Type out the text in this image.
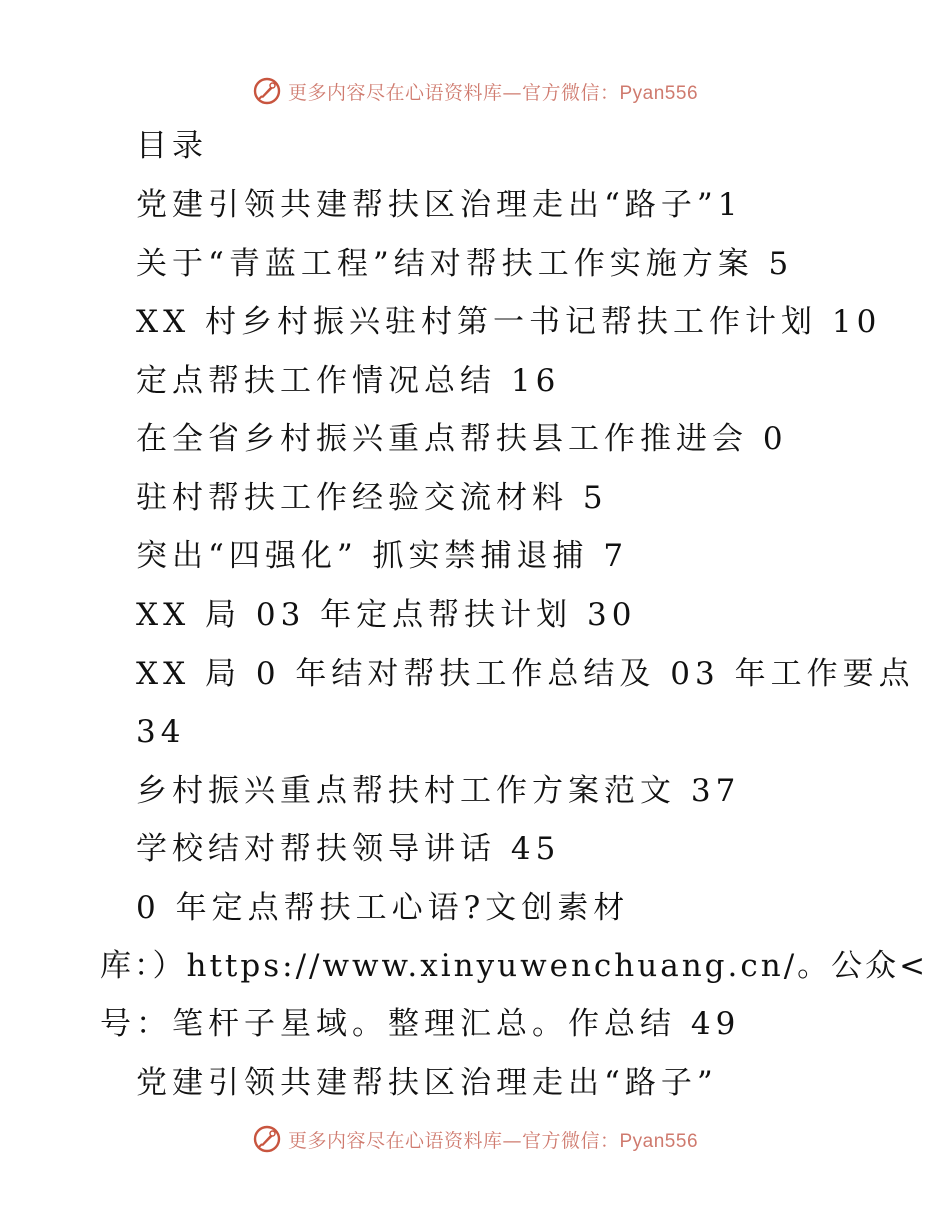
更多内容尽在心语资料库—官方微信：Pyan556
目录
党建引领共建帮扶区治理走出“路子”1
关于“青蓝工程”结对帮扶工作实施方案 5
XX 村乡村振兴驻村第一书记帮扶工作计划 10
定点帮扶工作情况总结 16
在全省乡村振兴重点帮扶县工作推进会 0
驻村帮扶工作经验交流材料 5
突出“四强化” 抓实禁捕退捕 7
XX 局 03 年定点帮扶计划 30
XX 局 0 年结对帮扶工作总结及 03 年工作要点
34
乡村振兴重点帮扶村工作方案范文 37
学校结对帮扶领导讲话 45
0 年定点帮扶工心语?文创素材
库：）https://www.xinyuwenchuang.cn/。公众<
号：笔杆子星域。整理汇总。作总结 49
党建引领共建帮扶区治理走出“路子”
更多内容尽在心语资料库—官方微信：Pyan556
